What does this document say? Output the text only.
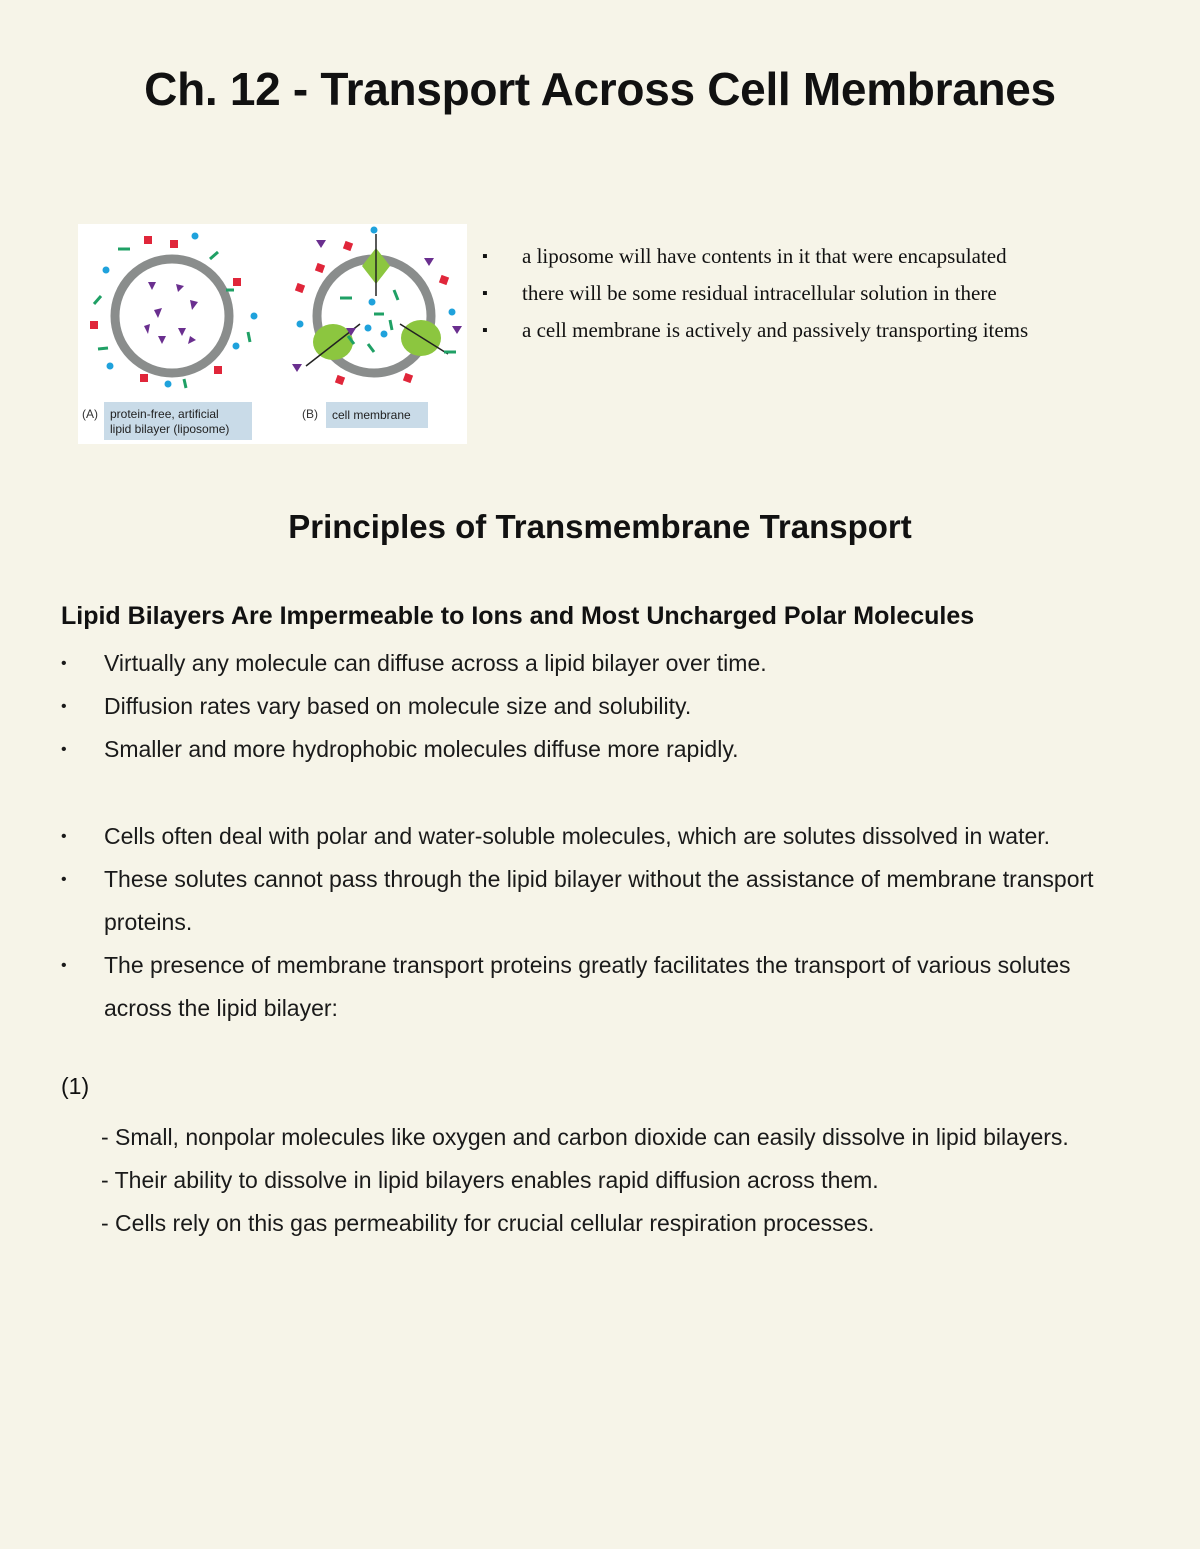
Ch. 12 - Transport Across Cell Membranes
(A) protein-free, artificial
lipid bilayer (liposome)
(B) cell membrane
▪ a liposome will have contents in it that were encapsulated
▪ there will be some residual intracellular solution in there
▪ a cell membrane is actively and passively transporting items
Principles of Transmembrane Transport
Lipid Bilayers Are Impermeable to Ions and Most Uncharged Polar Molecules
• Virtually any molecule can diffuse across a lipid bilayer over time.
• Diffusion rates vary based on molecule size and solubility.
• Smaller and more hydrophobic molecules diffuse more rapidly.
• Cells often deal with polar and water-soluble molecules, which are solutes dissolved in water.
• These solutes cannot pass through the lipid bilayer without the assistance of membrane transport proteins.
• The presence of membrane transport proteins greatly facilitates the transport of various solutes across the lipid bilayer:
(1)
- Small, nonpolar molecules like oxygen and carbon dioxide can easily dissolve in lipid bilayers.
- Their ability to dissolve in lipid bilayers enables rapid diffusion across them.
- Cells rely on this gas permeability for crucial cellular respiration processes.
